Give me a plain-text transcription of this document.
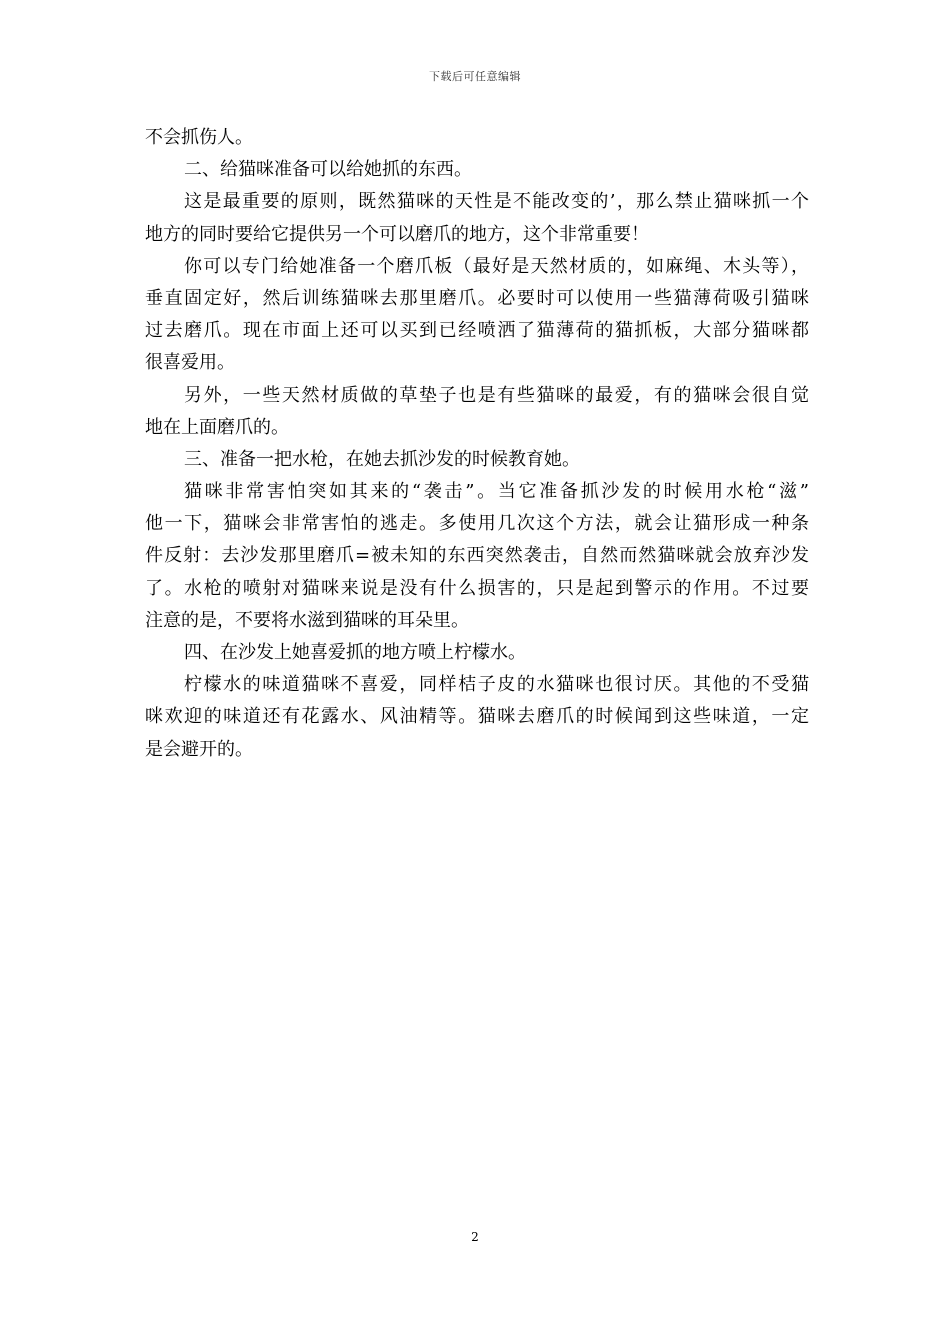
下载后可任意编辑
不会抓伤人。
二、给猫咪准备可以给她抓的东西。
这是最重要的原则，既然猫咪的天性是不能改变的’，那么禁止猫咪抓一个
地方的同时要给它提供另一个可以磨爪的地方，这个非常重要！
你可以专门给她准备一个磨爪板（最好是天然材质的，如麻绳、木头等），
垂直固定好，然后训练猫咪去那里磨爪。必要时可以使用一些猫薄荷吸引猫咪
过去磨爪。现在市面上还可以买到已经喷洒了猫薄荷的猫抓板，大部分猫咪都
很喜爱用。
另外，一些天然材质做的草垫子也是有些猫咪的最爱，有的猫咪会很自觉
地在上面磨爪的。
三、准备一把水枪，在她去抓沙发的时候教育她。
猫咪非常害怕突如其来的“袭击”。当它准备抓沙发的时候用水枪“滋”
他一下，猫咪会非常害怕的逃走。多使用几次这个方法，就会让猫形成一种条
件反射：去沙发那里磨爪=被未知的东西突然袭击，自然而然猫咪就会放弃沙发
了。水枪的喷射对猫咪来说是没有什么损害的，只是起到警示的作用。不过要
注意的是，不要将水滋到猫咪的耳朵里。
四、在沙发上她喜爱抓的地方喷上柠檬水。
柠檬水的味道猫咪不喜爱，同样桔子皮的水猫咪也很讨厌。其他的不受猫
咪欢迎的味道还有花露水、风油精等。猫咪去磨爪的时候闻到这些味道，一定
是会避开的。
2
